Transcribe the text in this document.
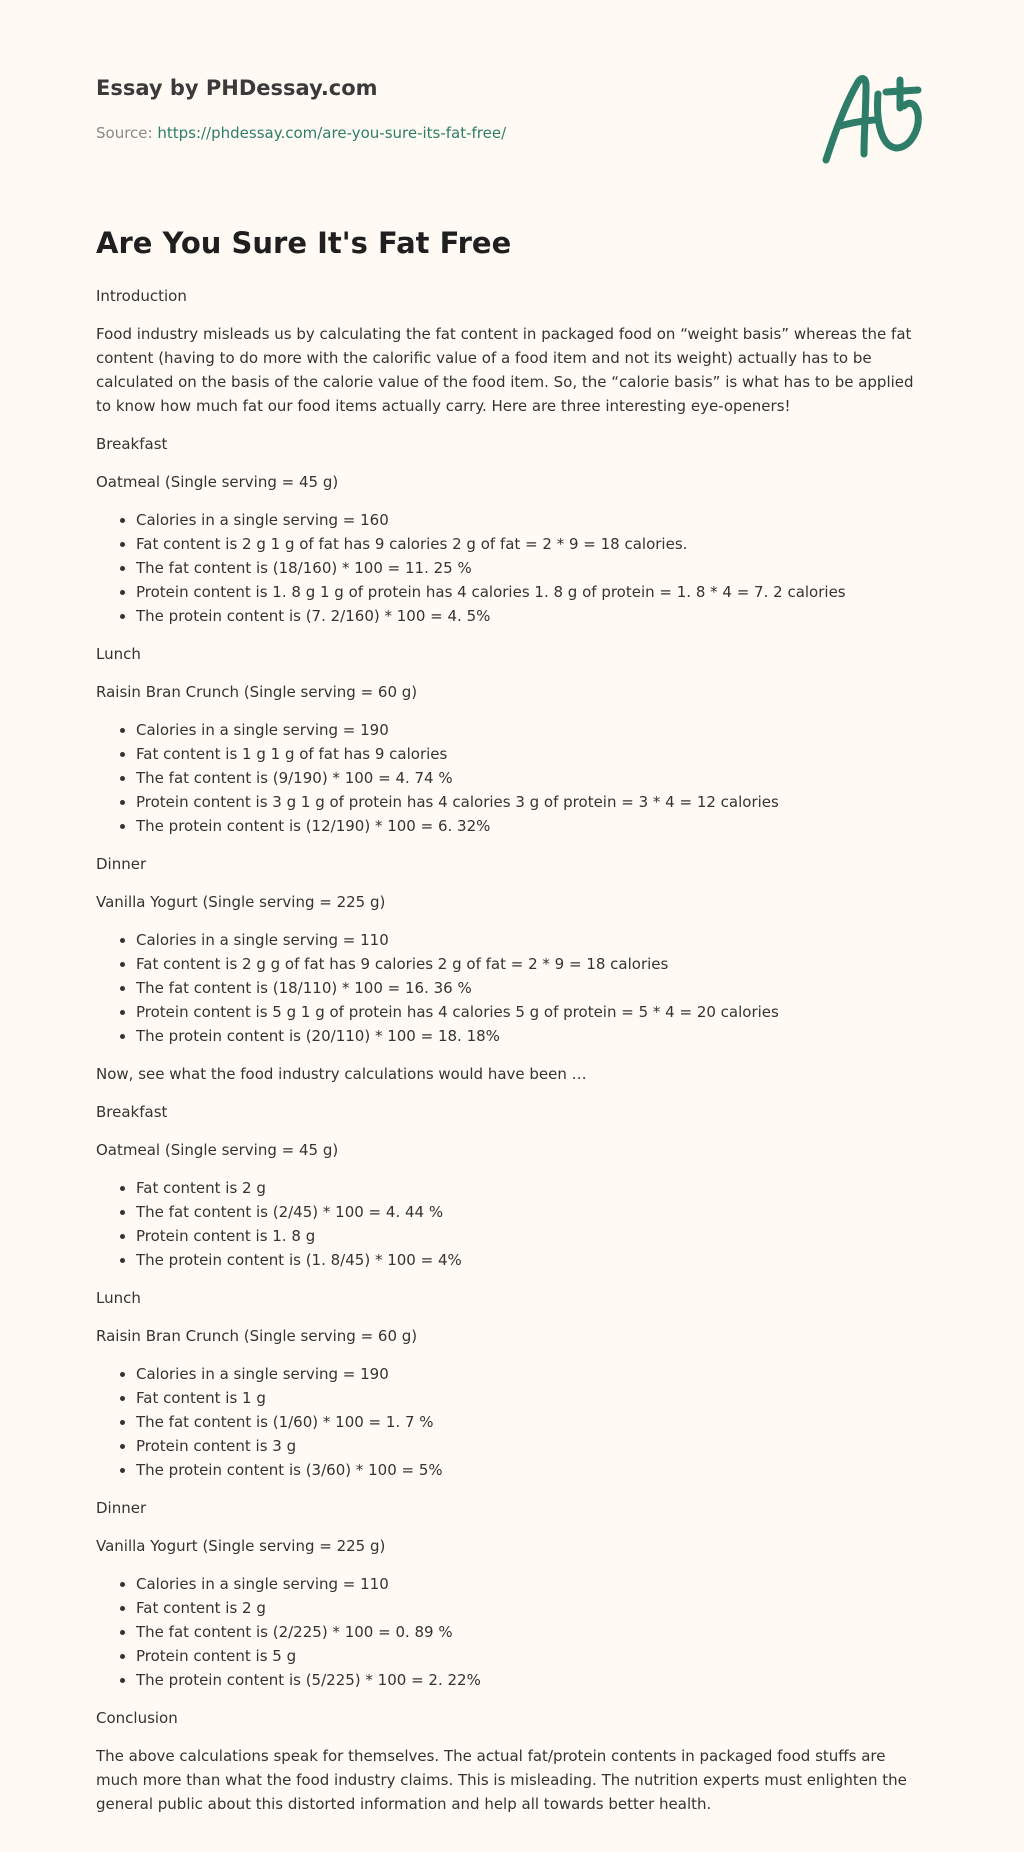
Essay by PHDessay.com

Source: https://phdessay.com/are-you-sure-its-fat-free/
Are You Sure It's Fat Free

Introduction

Food industry misleads us by calculating the fat content in packaged food on “weight basis” whereas the fat content (having to do more with the calorific value of a food item and not its weight) actually has to be calculated on the basis of the calorie value of the food item. So, the “calorie basis” is what has to be applied to know how much fat our food items actually carry. Here are three interesting eye-openers!

Breakfast

Oatmeal (Single serving = 45 g)

• Calories in a single serving = 160
• Fat content is 2 g 1 g of fat has 9 calories 2 g of fat = 2 * 9 = 18 calories.
• The fat content is (18/160) * 100 = 11. 25 %
• Protein content is 1. 8 g 1 g of protein has 4 calories 1. 8 g of protein = 1. 8 * 4 = 7. 2 calories
• The protein content is (7. 2/160) * 100 = 4. 5%

Lunch

Raisin Bran Crunch (Single serving = 60 g)

• Calories in a single serving = 190
• Fat content is 1 g 1 g of fat has 9 calories
• The fat content is (9/190) * 100 = 4. 74 %
• Protein content is 3 g 1 g of protein has 4 calories 3 g of protein = 3 * 4 = 12 calories
• The protein content is (12/190) * 100 = 6. 32%

Dinner

Vanilla Yogurt (Single serving = 225 g)

• Calories in a single serving = 110
• Fat content is 2 g g of fat has 9 calories 2 g of fat = 2 * 9 = 18 calories
• The fat content is (18/110) * 100 = 16. 36 %
• Protein content is 5 g 1 g of protein has 4 calories 5 g of protein = 5 * 4 = 20 calories
• The protein content is (20/110) * 100 = 18. 18%

Now, see what the food industry calculations would have been …

Breakfast

Oatmeal (Single serving = 45 g)

• Fat content is 2 g
• The fat content is (2/45) * 100 = 4. 44 %
• Protein content is 1. 8 g
• The protein content is (1. 8/45) * 100 = 4%

Lunch

Raisin Bran Crunch (Single serving = 60 g)

• Calories in a single serving = 190
• Fat content is 1 g
• The fat content is (1/60) * 100 = 1. 7 %
• Protein content is 3 g
• The protein content is (3/60) * 100 = 5%

Dinner

Vanilla Yogurt (Single serving = 225 g)

• Calories in a single serving = 110
• Fat content is 2 g
• The fat content is (2/225) * 100 = 0. 89 %
• Protein content is 5 g
• The protein content is (5/225) * 100 = 2. 22%

Conclusion

The above calculations speak for themselves. The actual fat/protein contents in packaged food stuffs are much more than what the food industry claims. This is misleading. The nutrition experts must enlighten the general public about this distorted information and help all towards better health.
